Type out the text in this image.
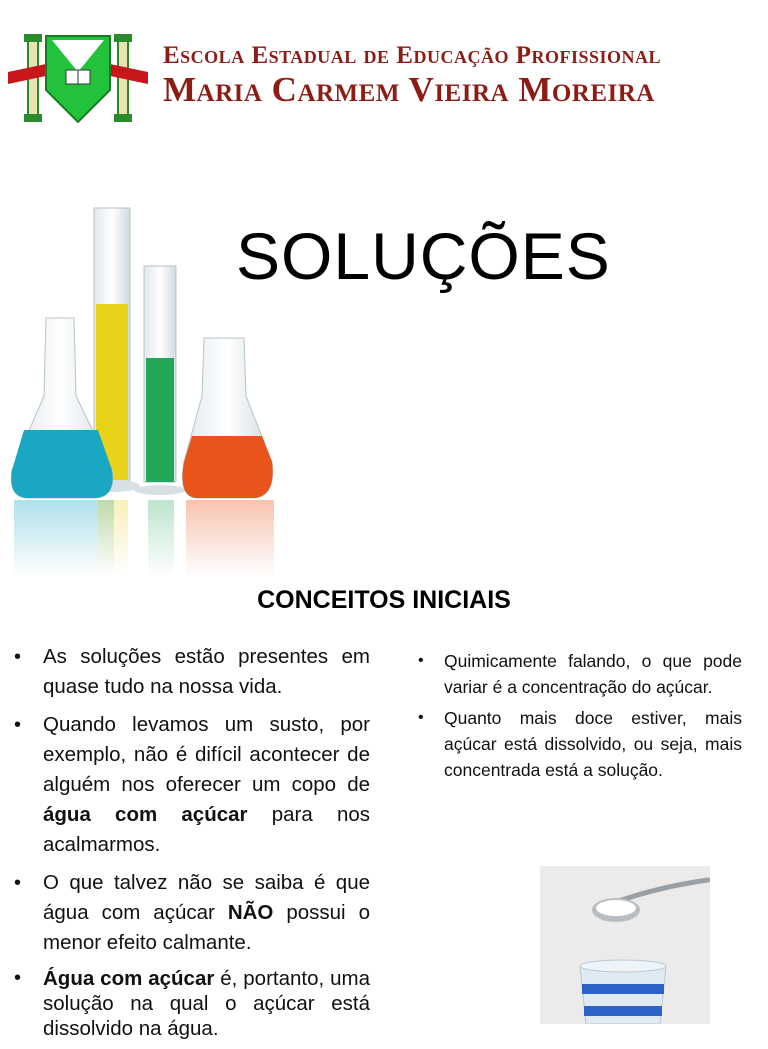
Escola Estadual de Educação Profissional
Maria Carmem Vieira Moreira
SOLUÇÕES
CONCEITOS INICIAIS
• As soluções estão presentes em quase tudo na nossa vida.
• Quando levamos um susto, por exemplo, não é difícil acontecer de alguém nos oferecer um copo de água com açúcar para nos acalmarmos.
• O que talvez não se saiba é que água com açúcar NÃO possui o menor efeito calmante.
• Água com açúcar é, portanto, uma solução na qual o açúcar está dissolvido na água.
• Quimicamente falando, o que pode variar é a concentração do açúcar.
• Quanto mais doce estiver, mais açúcar está dissolvido, ou seja, mais concentrada está a solução.
